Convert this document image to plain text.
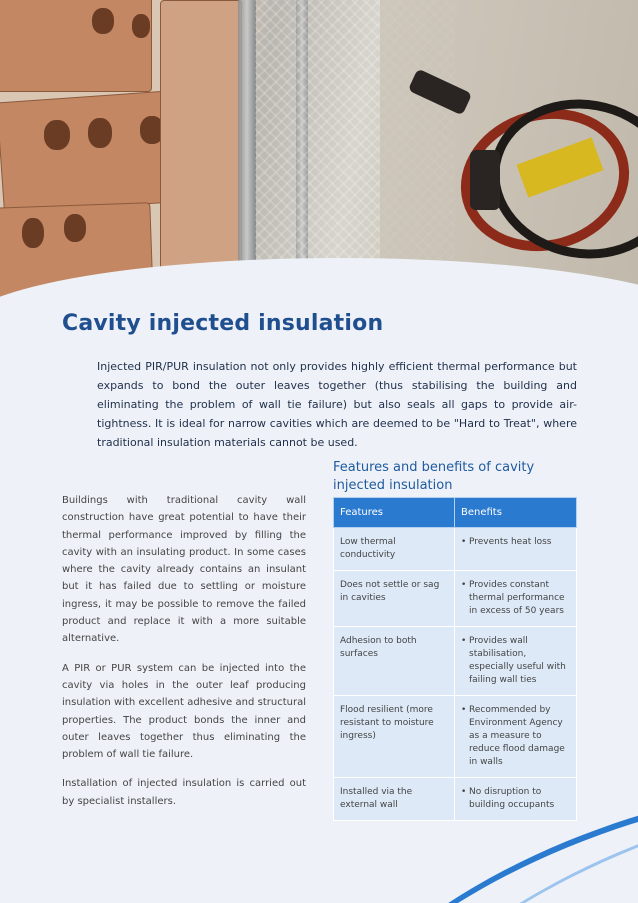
Cavity injected insulation

Injected PIR/PUR insulation not only provides highly efficient thermal performance but expands to bond the outer leaves together (thus stabilising the building and eliminating the problem of wall tie failure) but also seals all gaps to provide air-tightness. It is ideal for narrow cavities which are deemed to be "Hard to Treat", where traditional insulation materials cannot be used.

Buildings with traditional cavity wall construction have great potential to have their thermal performance improved by filling the cavity with an insulating product. In some cases where the cavity already contains an insulant but it has failed due to settling or moisture ingress, it may be possible to remove the failed product and replace it with a more suitable alternative.

A PIR or PUR system can be injected into the cavity via holes in the outer leaf producing insulation with excellent adhesive and structural properties. The product bonds the inner and outer leaves together thus eliminating the problem of wall tie failure.

Installation of injected insulation is carried out by specialist installers.

Features and benefits of cavity injected insulation
Features	Benefits
Low thermal conductivity	• Prevents heat loss

Does not settle or sag in cavities	• Provides constant thermal performance in excess of 50 years

Adhesion to both surfaces	• Provides wall stabilisation, especially useful with failing wall ties

Flood resilient (more resistant to moisture ingress)	• Recommended by Environment Agency as a measure to reduce flood damage in walls

Installed via the external wall	• No disruption to building occupants
